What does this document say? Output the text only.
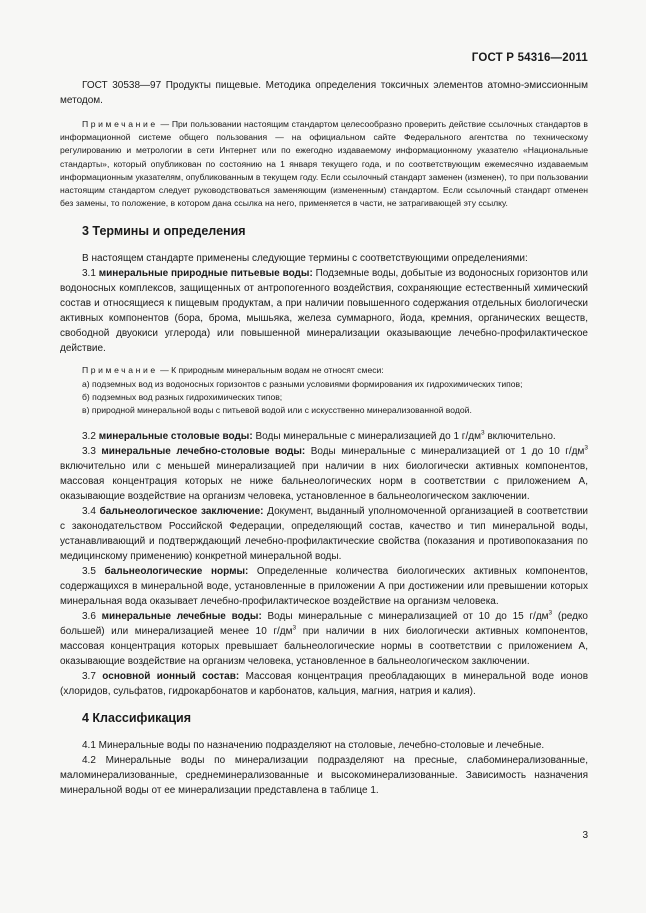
ГОСТ Р 54316—2011

ГОСТ 30538—97 Продукты пищевые. Методика определения токсичных элементов атомно-эмиссионным методом.

Примечание — При пользовании настоящим стандартом целесообразно проверить действие ссылочных стандартов в информационной системе общего пользования — на официальном сайте Федерального агентства по техническому регулированию и метрологии в сети Интернет или по ежегодно издаваемому информационному указателю «Национальные стандарты», который опубликован по состоянию на 1 января текущего года, и по соответствующим ежемесячно издаваемым информационным указателям, опубликованным в текущем году. Если ссылочный стандарт заменен (изменен), то при пользовании настоящим стандартом следует руководствоваться заменяющим (измененным) стандартом. Если ссылочный стандарт отменен без замены, то положение, в котором дана ссылка на него, применяется в части, не затрагивающей эту ссылку.

3 Термины и определения

В настоящем стандарте применены следующие термины с соответствующими определениями:

3.1 минеральные природные питьевые воды: Подземные воды, добытые из водоносных горизонтов или водоносных комплексов, защищенных от антропогенного воздействия, сохраняющие естественный химический состав и относящиеся к пищевым продуктам, а при наличии повышенного содержания отдельных биологически активных компонентов (бора, брома, мышьяка, железа суммарного, йода, кремния, органических веществ, свободной двуокиси углерода) или повышенной минерализации оказывающие лечебно-профилактическое действие.

Примечание — К природным минеральным водам не относят смеси:

а) подземных вод из водоносных горизонтов с разными условиями формирования их гидрохимических типов;

б) подземных вод разных гидрохимических типов;

в) природной минеральной воды с питьевой водой или с искусственно минерализованной водой.

3.2 минеральные столовые воды: Воды минеральные с минерализацией до 1 $г/дм^3$ включительно.

3.3 минеральные лечебно-столовые воды: Воды минеральные с минерализацией от 1 до 10 $г/дм^3$ включительно или с меньшей минерализацией при наличии в них биологически активных компонентов, массовая концентрация которых не ниже бальнеологических норм в соответствии с приложением А, оказывающие воздействие на организм человека, установленное в бальнеологическом заключении.

3.4 бальнеологическое заключение: Документ, выданный уполномоченной организацией в соответствии с законодательством Российской Федерации, определяющий состав, качество и тип минеральной воды, устанавливающий и подтверждающий лечебно-профилактические свойства (показания и противопоказания по медицинскому применению) конкретной минеральной воды.

3.5 бальнеологические нормы: Определенные количества биологических активных компонентов, содержащихся в минеральной воде, установленные в приложении А при достижении или превышении которых минеральная вода оказывает лечебно-профилактическое воздействие на организм человека.

3.6 минеральные лечебные воды: Воды минеральные с минерализацией от 10 до 15 $г/дм^3$ (редко большей) или минерализацией менее 10 $г/дм^3$ при наличии в них биологически активных компонентов, массовая концентрация которых превышает бальнеологические нормы в соответствии с приложением А, оказывающие воздействие на организм человека, установленное в бальнеологическом заключении.

3.7 основной ионный состав: Массовая концентрация преобладающих в минеральной воде ионов (хлоридов, сульфатов, гидрокарбонатов и карбонатов, кальция, магния, натрия и калия).

4 Классификация

4.1 Минеральные воды по назначению подразделяют на столовые, лечебно-столовые и лечебные.

4.2 Минеральные воды по минерализации подразделяют на пресные, слабоминерализованные, маломинерализованные, среднеминерализованные и высокоминерализованные. Зависимость назначения минеральной воды от ее минерализации представлена в таблице 1.

3
